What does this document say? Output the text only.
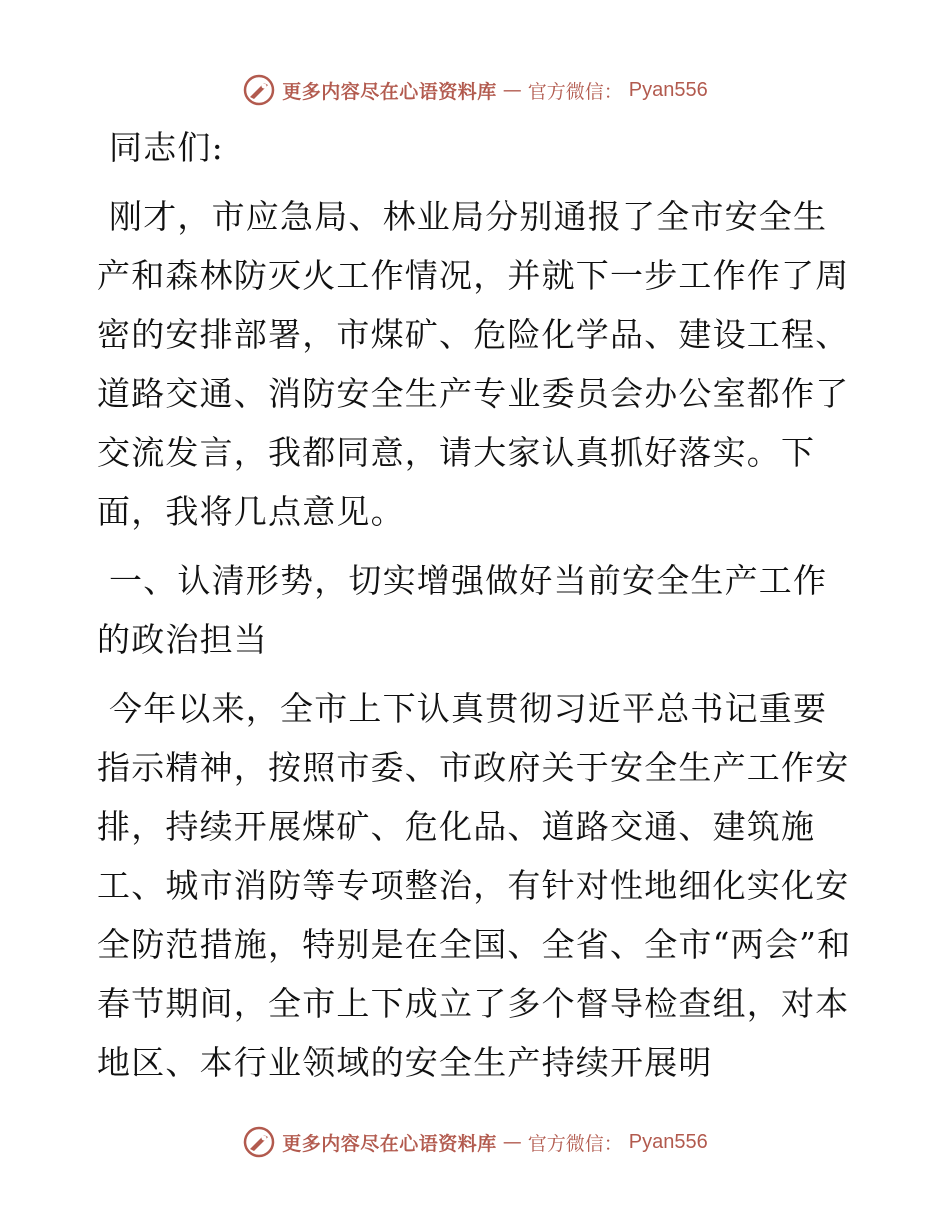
更多内容尽在心语资料库 — 官方微信： Pyan556

同志们:

刚才，市应急局、林业局分别通报了全市安全生产和森林防灭火工作情况，并就下一步工作作了周密的安排部署，市煤矿、危险化学品、建设工程、道路交通、消防安全生产专业委员会办公室都作了交流发言，我都同意，请大家认真抓好落实。下面，我将几点意见。

一、认清形势，切实增强做好当前安全生产工作的政治担当

今年以来，全市上下认真贯彻习近平总书记重要指示精神，按照市委、市政府关于安全生产工作安排，持续开展煤矿、危化品、道路交通、建筑施工、城市消防等专项整治，有针对性地细化实化安全防范措施，特别是在全国、全省、全市“两会”和春节期间，全市上下成立了多个督导检查组，对本地区、本行业领域的安全生产持续开展明

更多内容尽在心语资料库 — 官方微信： Pyan556
